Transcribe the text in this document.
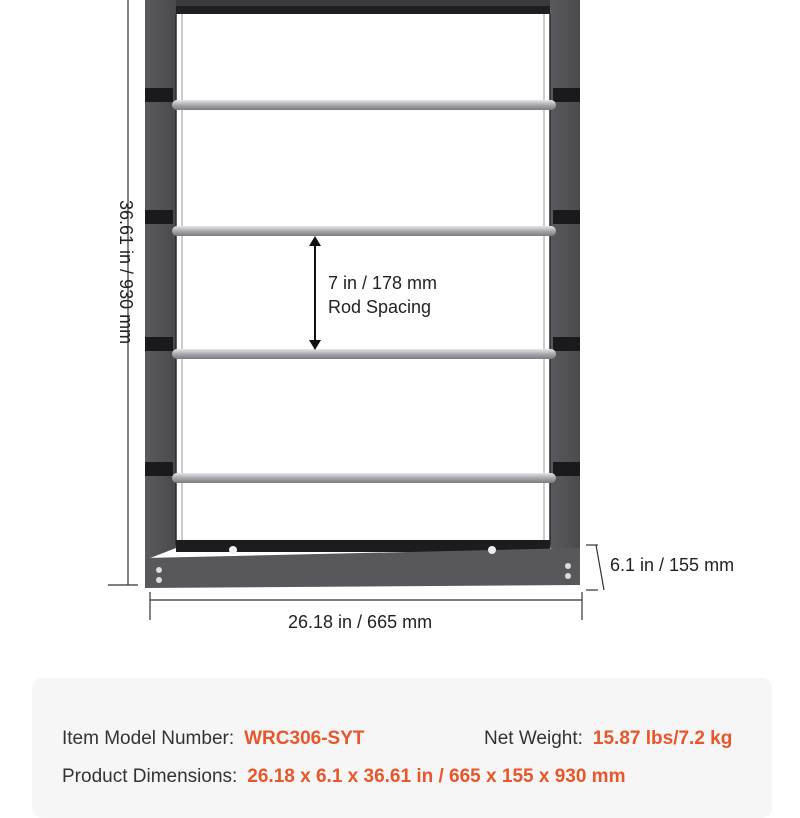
36.61 in / 930 mm	7 in / 178 mm
Rod Spacing
6.1 in / 155 mm
26.18 in / 665 mm
Item Model Number: WRC306-SYT	Net Weight: 15.87 lbs/7.2 kg
Product Dimensions: 26.18 x 6.1 x 36.61 in / 665 x 155 x 930 mm
